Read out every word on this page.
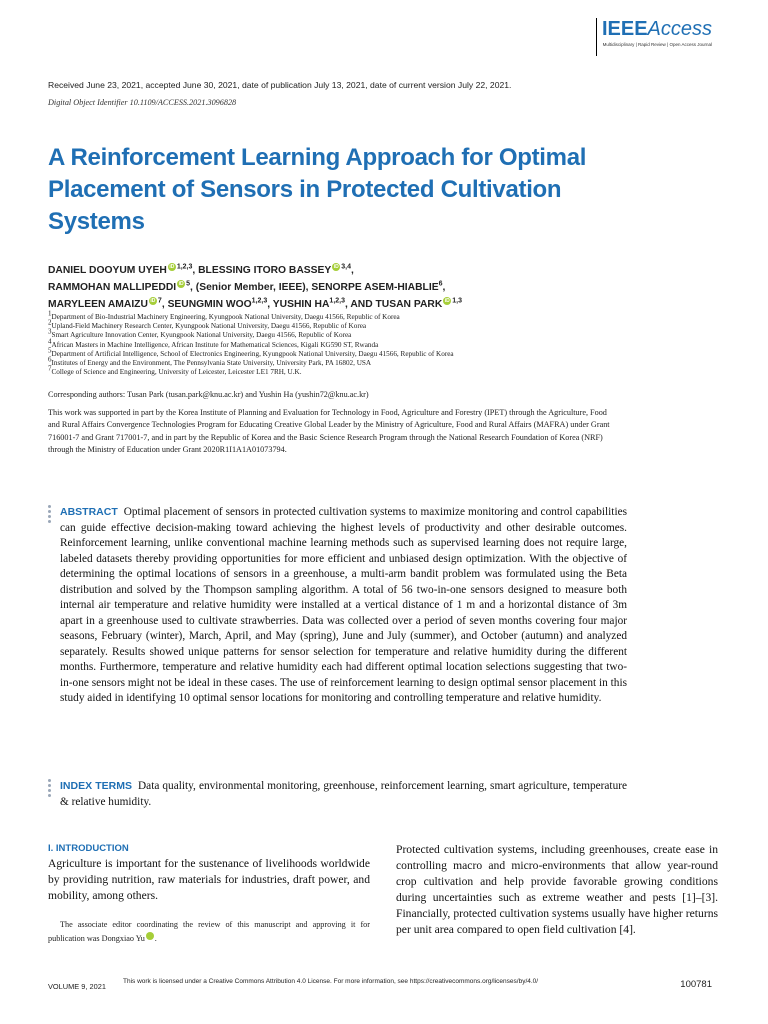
IEEEAccess
Multidisciplinary | Rapid Review | Open Access Journal
Received June 23, 2021, accepted June 30, 2021, date of publication July 13, 2021, date of current version July 22, 2021.
Digital Object Identifier 10.1109/ACCESS.2021.3096828
A Reinforcement Learning Approach for Optimal Placement of Sensors in Protected Cultivation Systems
DANIEL DOOYUM UYEH iD $^{1,2,3}$, BLESSING ITORO BASSEY iD $^{3,4}$,
RAMMOHAN MALLIPEDDI iD $^5$, (Senior Member, IEEE), SENORPE ASEM-HIABLIE$^6$,
MARYLEEN AMAIZU iD $^7$, SEUNGMIN WOO$^{1,2,3}$, YUSHIN HA$^{1,2,3}$, AND TUSAN PARK iD $^{1,3}$
$^1$Department of Bio-Industrial Machinery Engineering, Kyungpook National University, Daegu 41566, Republic of Korea
$^2$Upland-Field Machinery Research Center, Kyungpook National University, Daegu 41566, Republic of Korea
$^3$Smart Agriculture Innovation Center, Kyungpook National University, Daegu 41566, Republic of Korea
$^4$African Masters in Machine Intelligence, African Institute for Mathematical Sciences, Kigali KG590 ST, Rwanda
$^5$Department of Artificial Intelligence, School of Electronics Engineering, Kyungpook National University, Daegu 41566, Republic of Korea
$^6$Institutes of Energy and the Environment, The Pennsylvania State University, University Park, PA 16802, USA
$^7$College of Science and Engineering, University of Leicester, Leicester LE1 7RH, U.K.
Corresponding authors: Tusan Park (tusan.park@knu.ac.kr) and Yushin Ha (yushin72@knu.ac.kr)
This work was supported in part by the Korea Institute of Planning and Evaluation for Technology in Food, Agriculture and Forestry (IPET) through the Agriculture, Food and Rural Affairs Convergence Technologies Program for Educating Creative Global Leader by the Ministry of Agriculture, Food and Rural Affairs (MAFRA) under Grant 716001-7 and Grant 717001-7, and in part by the Republic of Korea and the Basic Science Research Program through the National Research Foundation of Korea (NRF) through the Ministry of Education under Grant 2020R1I1A1A01073794.
ABSTRACT Optimal placement of sensors in protected cultivation systems to maximize monitoring and control capabilities can guide effective decision-making toward achieving the highest levels of productivity and other desirable outcomes. Reinforcement learning, unlike conventional machine learning methods such as supervised learning does not require large, labeled datasets thereby providing opportunities for more efficient and unbiased design optimization. With the objective of determining the optimal locations of sensors in a greenhouse, a multi-arm bandit problem was formulated using the Beta distribution and solved by the Thompson sampling algorithm. A total of 56 two-in-one sensors designed to measure both internal air temperature and relative humidity were installed at a vertical distance of 1 m and a horizontal distance of 3m apart in a greenhouse used to cultivate strawberries. Data was collected over a period of seven months covering four major seasons, February (winter), March, April, and May (spring), June and July (summer), and October (autumn) and analyzed separately. Results showed unique patterns for sensor selection for temperature and relative humidity during the different months. Furthermore, temperature and relative humidity each had different optimal location selections suggesting that two-in-one sensors might not be ideal in these cases. The use of reinforcement learning to design optimal sensor placement in this study aided in identifying 10 optimal sensor locations for monitoring and controlling temperature and relative humidity.
INDEX TERMS Data quality, environmental monitoring, greenhouse, reinforcement learning, smart agriculture, temperature & relative humidity.
I. INTRODUCTION
Agriculture is important for the sustenance of livelihoods worldwide by providing nutrition, raw materials for industries, draft power, and mobility, among others.
The associate editor coordinating the review of this manuscript and approving it for publication was Dongxiao Yu	iD.
Protected cultivation systems, including greenhouses, create ease in controlling macro and micro-environments that allow year-round crop cultivation and help provide favorable growing conditions during uncertainties such as extreme weather and pests [1]–[3]. Financially, protected cultivation systems usually have higher returns per unit area compared to open field cultivation [4].
VOLUME 9, 2021
This work is licensed under a Creative Commons Attribution 4.0 License. For more information, see https://creativecommons.org/licenses/by/4.0/	100781
